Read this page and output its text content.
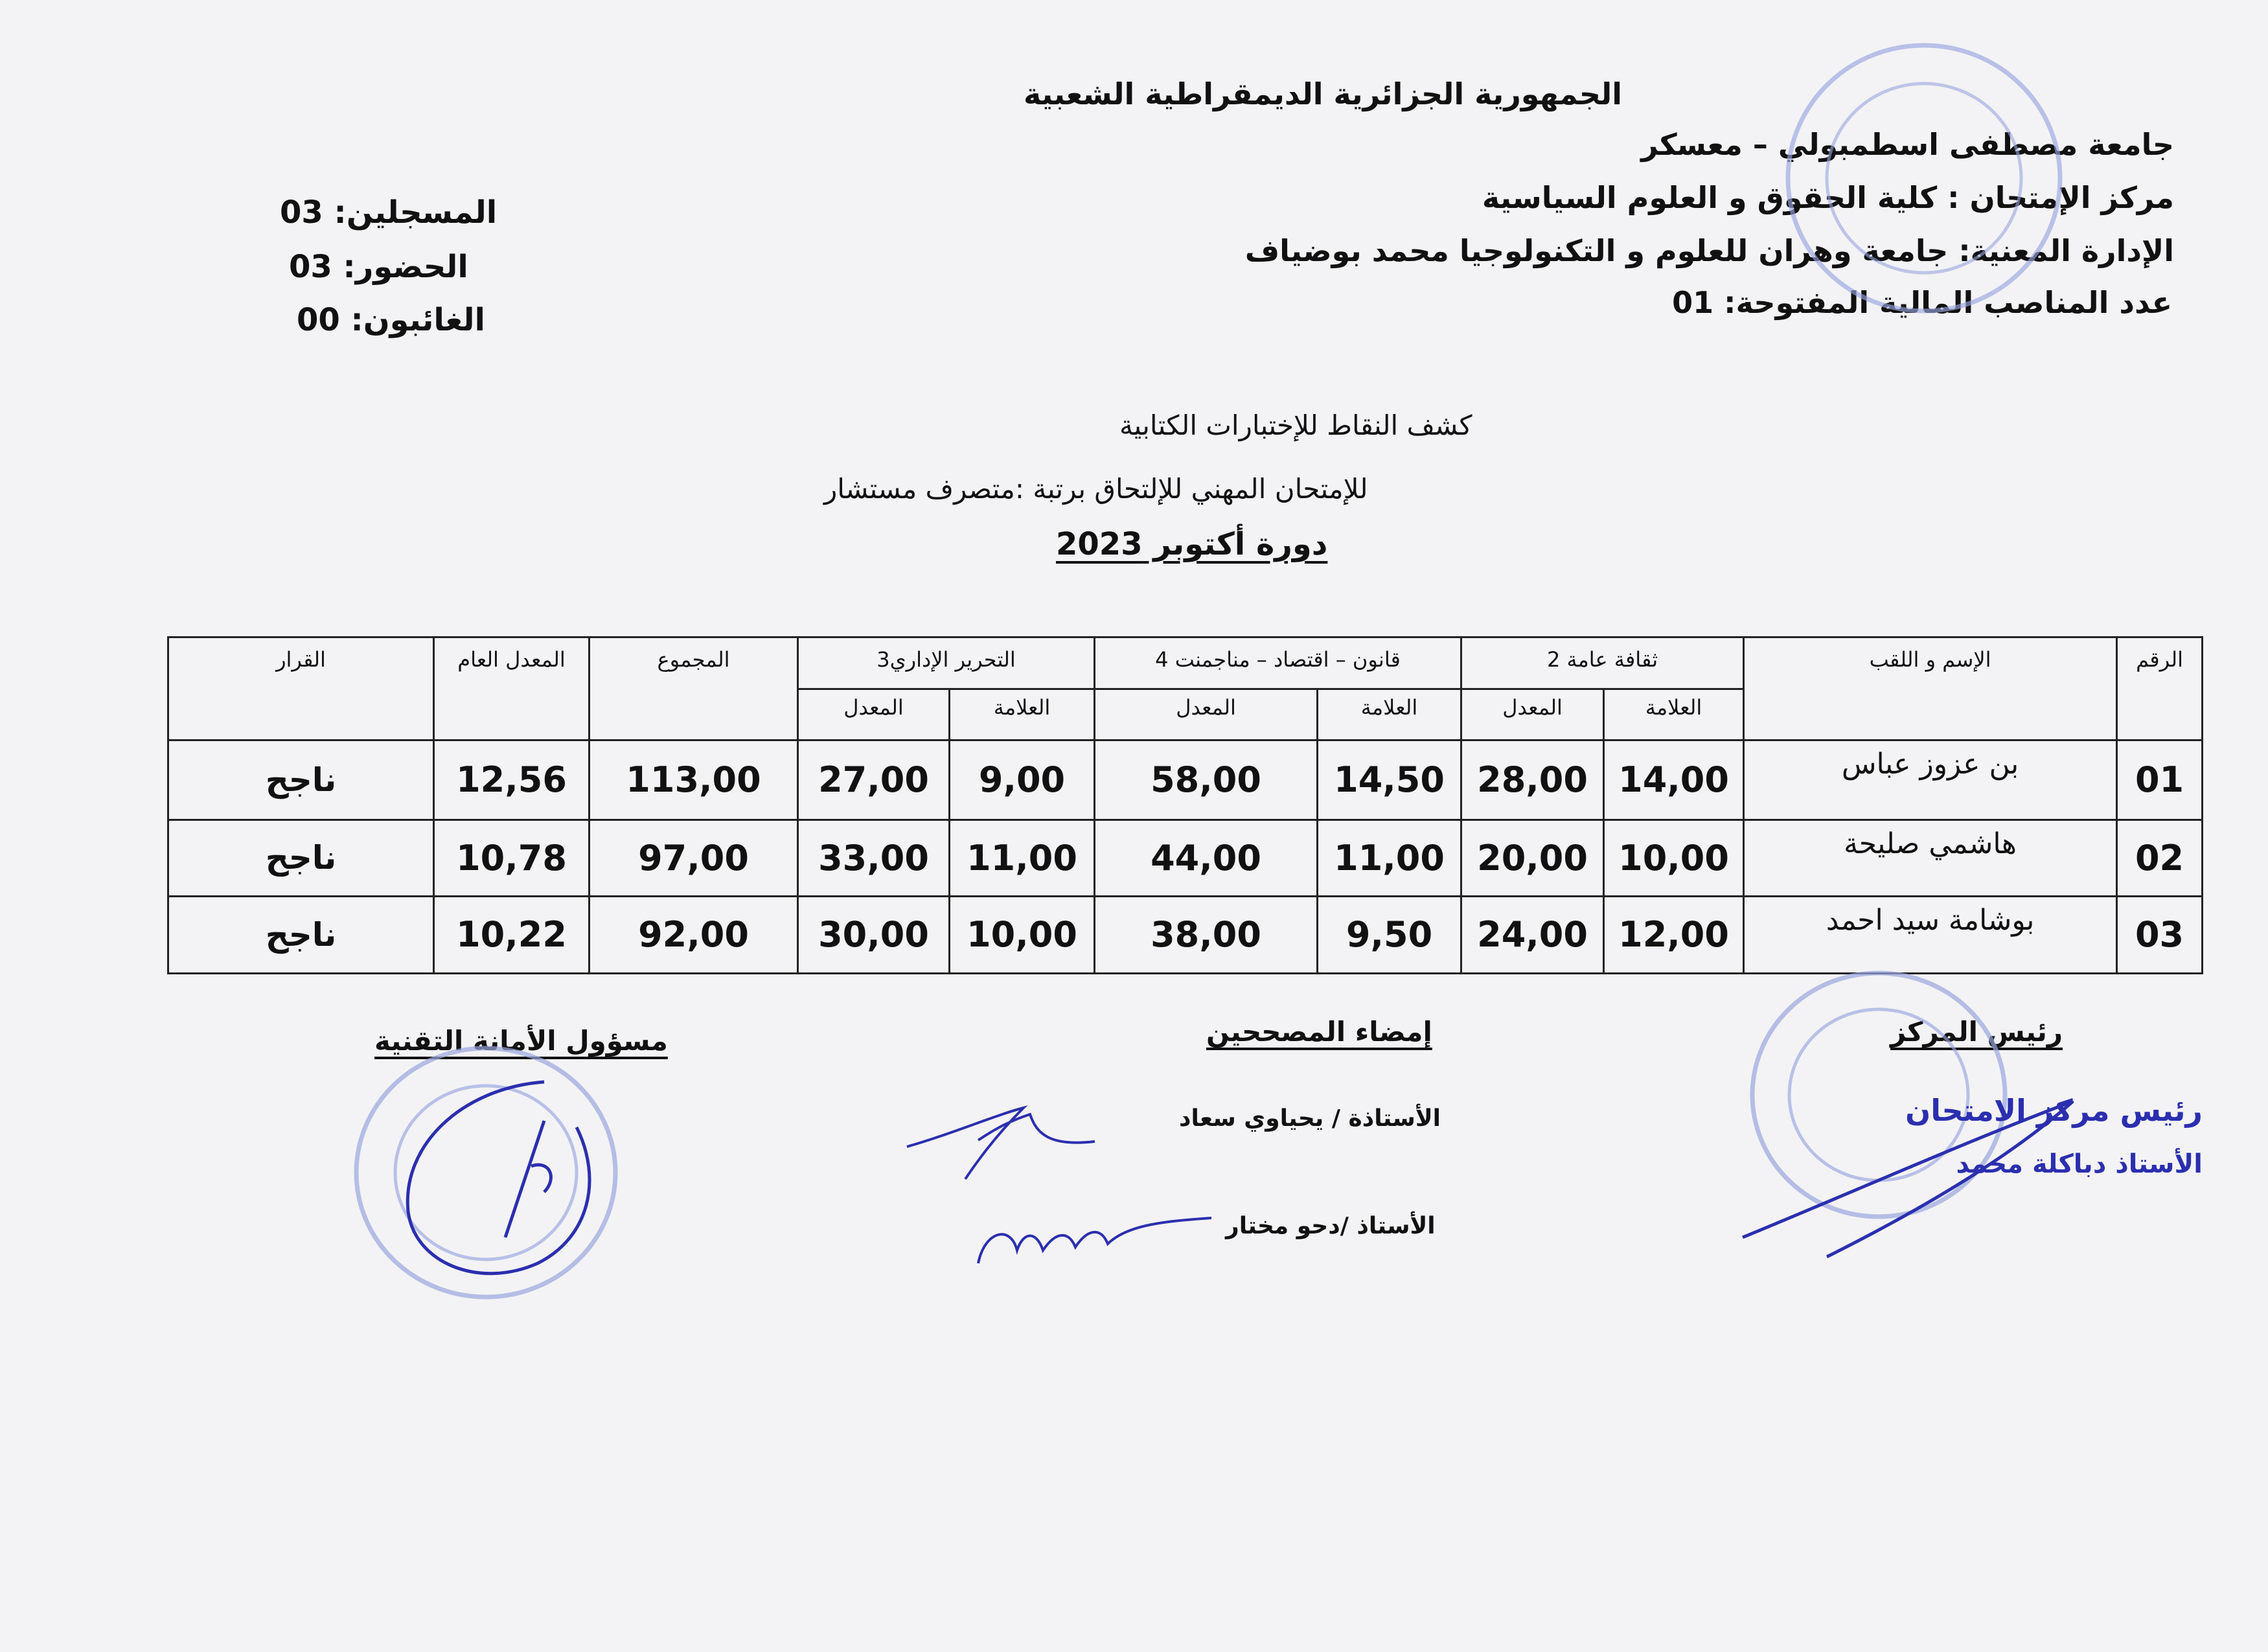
الجمهورية الجزائرية الديمقراطية الشعبية
جامعة مصطفى اسطمبولي – معسكر
مركز الإمتحان : كلية الحقوق و العلوم السياسية
الإدارة المعنية: جامعة وهران للعلوم و التكنولوجيا محمد بوضياف
عدد المناصب المالية المفتوحة: 01
المسجلين: 03
الحضور: 03
الغائبون: 00
كشف النقاط للإختبارات الكتابية
للإمتحان المهني للإلتحاق برتبة :متصرف مستشار
دورة أكتوبر 2023
الرقم	الإسم و اللقب	ثقافة عامة 2		قانون – اقتصاد – مناجمنت 4		التحرير الإداري3		المجموع	المعدل العام	القرار
		العلامة	المعدل	العلامة	المعدل	العلامة	المعدل			
01	بن عزوز عباس	14,00	28,00	14,50	58,00	9,00	27,00	113,00	12,56	ناجح
02	هاشمي صليحة	10,00	20,00	11,00	44,00	11,00	33,00	97,00	10,78	ناجح
03	بوشامة سيد احمد	12,00	24,00	9,50	38,00	10,00	30,00	92,00	10,22	ناجح
رئيس المركز
إمضاء المصححين
مسؤول الأمانة التقنية
الأستاذة / يحياوي سعاد
الأستاذ /دحو مختار
رئيس مركز الامتحان
الأستاذ دباكلة محمد
